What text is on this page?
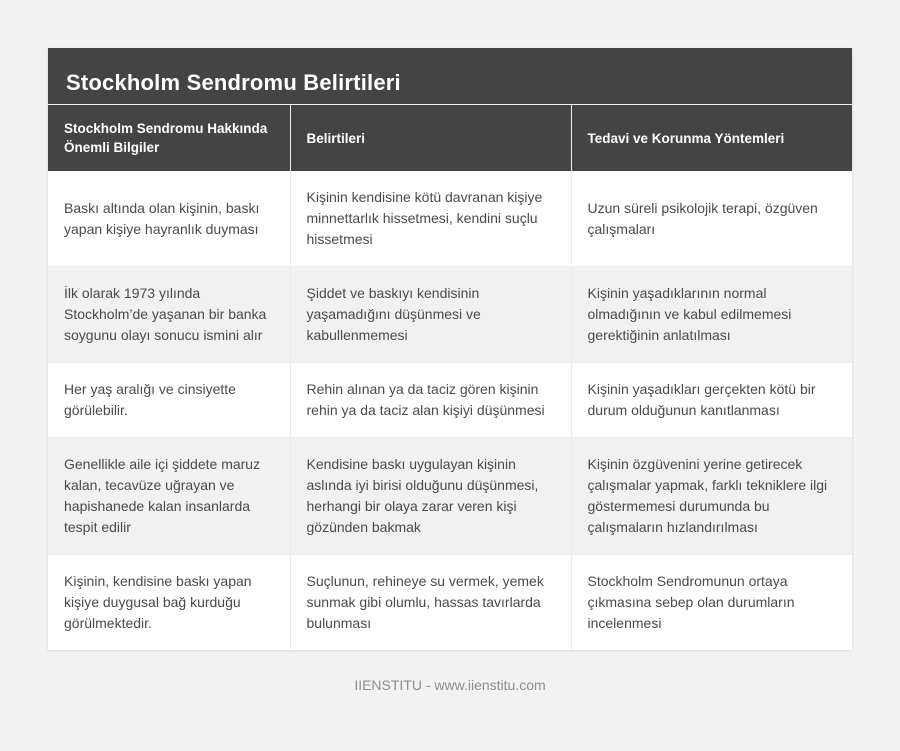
Stockholm Sendromu Belirtileri
Stockholm Sendromu Hakkında Önemli Bilgiler	Belirtileri	Tedavi ve Korunma Yöntemleri
Baskı altında olan kişinin, baskı yapan kişiye hayranlık duyması	Kişinin kendisine kötü davranan kişiye minnettarlık hissetmesi, kendini suçlu hissetmesi	Uzun süreli psikolojik terapi, özgüven çalışmaları
İlk olarak 1973 yılında Stockholm’de yaşanan bir banka soygunu olayı sonucu ismini alır	Şiddet ve baskıyı kendisinin yaşamadığını düşünmesi ve kabullenmemesi	Kişinin yaşadıklarının normal olmadığının ve kabul edilmemesi gerektiğinin anlatılması
Her yaş aralığı ve cinsiyette görülebilir.	Rehin alınan ya da taciz gören kişinin rehin ya da taciz alan kişiyi düşünmesi	Kişinin yaşadıkları gerçekten kötü bir durum olduğunun kanıtlanması
Genellikle aile içi şiddete maruz kalan, tecavüze uğrayan ve hapishanede kalan insanlarda tespit edilir	Kendisine baskı uygulayan kişinin aslında iyi birisi olduğunu düşünmesi, herhangi bir olaya zarar veren kişi gözünden bakmak	Kişinin özgüvenini yerine getirecek çalışmalar yapmak, farklı tekniklere ilgi göstermemesi durumunda bu çalışmaların hızlandırılması
Kişinin, kendisine baskı yapan kişiye duygusal bağ kurduğu görülmektedir.	Suçlunun, rehineye su vermek, yemek sunmak gibi olumlu, hassas tavırlarda bulunması	Stockholm Sendromunun ortaya çıkmasına sebep olan durumların incelenmesi
IIENSTITU - www.iienstitu.com
